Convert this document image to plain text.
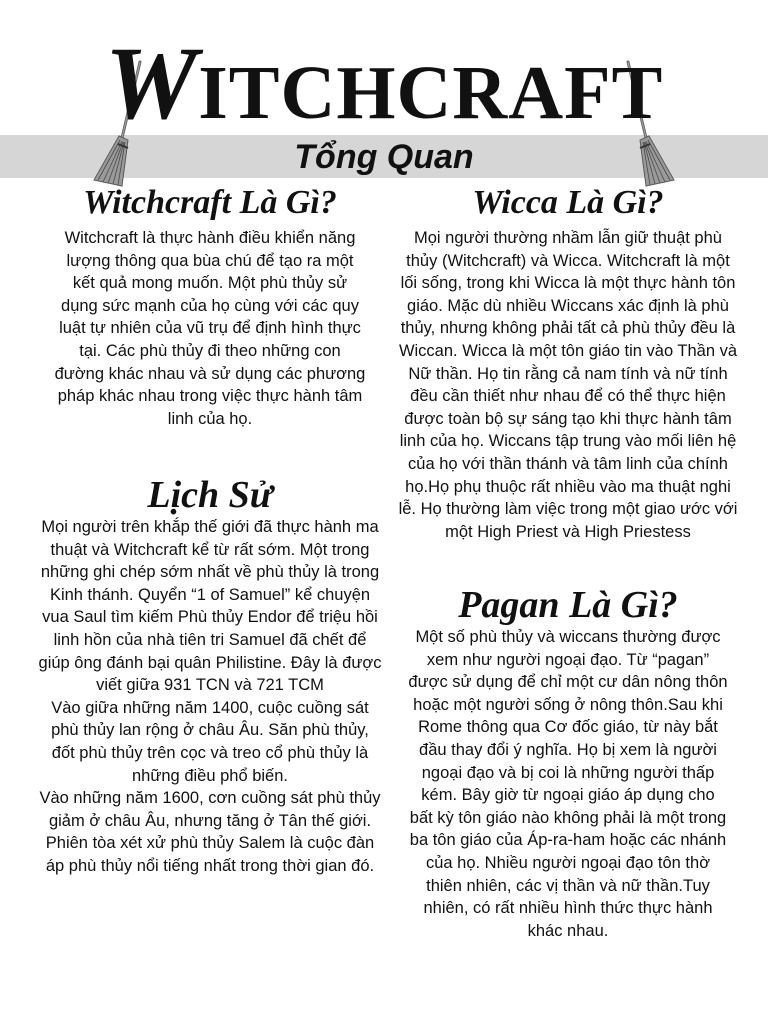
WITCHCRAFT
Tổng Quan
Witchcraft Là Gì?
Witchcraft là thực hành điều khiển năng lượng thông qua bùa chú để tạo ra một kết quả mong muốn. Một phù thủy sử dụng sức mạnh của họ cùng với các quy luật tự nhiên của vũ trụ để định hình thực tại. Các phù thủy đi theo những con đường khác nhau và sử dụng các phương pháp khác nhau trong việc thực hành tâm linh của họ.
Lịch Sử

Mọi người trên khắp thế giới đã thực hành ma thuật và Witchcraft kể từ rất sớm. Một trong những ghi chép sớm nhất về phù thủy là trong Kinh thánh. Quyển “1 of Samuel” kể chuyện vua Saul tìm kiếm Phù thủy Endor để triệu hồi linh hồn của nhà tiên tri Samuel đã chết để giúp ông đánh bại quân Philistine. Đây là được viết giữa 931 TCN và 721 TCM

Vào giữa những năm 1400, cuộc cuồng sát phù thủy lan rộng ở châu Âu. Săn phù thủy, đốt phù thủy trên cọc và treo cổ phù thủy là những điều phổ biến.

Vào những năm 1600, cơn cuồng sát phù thủy giảm ở châu Âu, nhưng tăng ở Tân thế giới. Phiên tòa xét xử phù thủy Salem là cuộc đàn áp phù thủy nổi tiếng nhất trong thời gian đó.

Wicca Là Gì?
Mọi người thường nhầm lẫn giữ thuật phù thủy (Witchcraft) và Wicca. Witchcraft là một lối sống, trong khi Wicca là một thực hành tôn giáo. Mặc dù nhiều Wiccans xác định là phù thủy, nhưng không phải tất cả phù thủy đều là Wiccan. Wicca là một tôn giáo tin vào Thần và Nữ thần. Họ tin rằng cả nam tính và nữ tính đều cần thiết như nhau để có thể thực hiện được toàn bộ sự sáng tạo khi thực hành tâm linh của họ. Wiccans tập trung vào mối liên hệ của họ với thần thánh và tâm linh của chính họ.Họ phụ thuộc rất nhiều vào ma thuật nghi lễ. Họ thường làm việc trong một giao ước với một High Priest và High Priestess
Pagan Là Gì?
Một số phù thủy và wiccans thường được xem như người ngoại đạo. Từ “pagan” được sử dụng để chỉ một cư dân nông thôn hoặc một người sống ở nông thôn.Sau khi Rome thông qua Cơ đốc giáo, từ này bắt đầu thay đổi ý nghĩa. Họ bị xem là người ngoại đạo và bị coi là những người thấp kém. Bây giờ từ ngoại giáo áp dụng cho bất kỳ tôn giáo nào không phải là một trong ba tôn giáo của Áp-ra-ham hoặc các nhánh của họ. Nhiều người ngoại đạo tôn thờ thiên nhiên, các vị thần và nữ thần.Tuy nhiên, có rất nhiều hình thức thực hành khác nhau.
